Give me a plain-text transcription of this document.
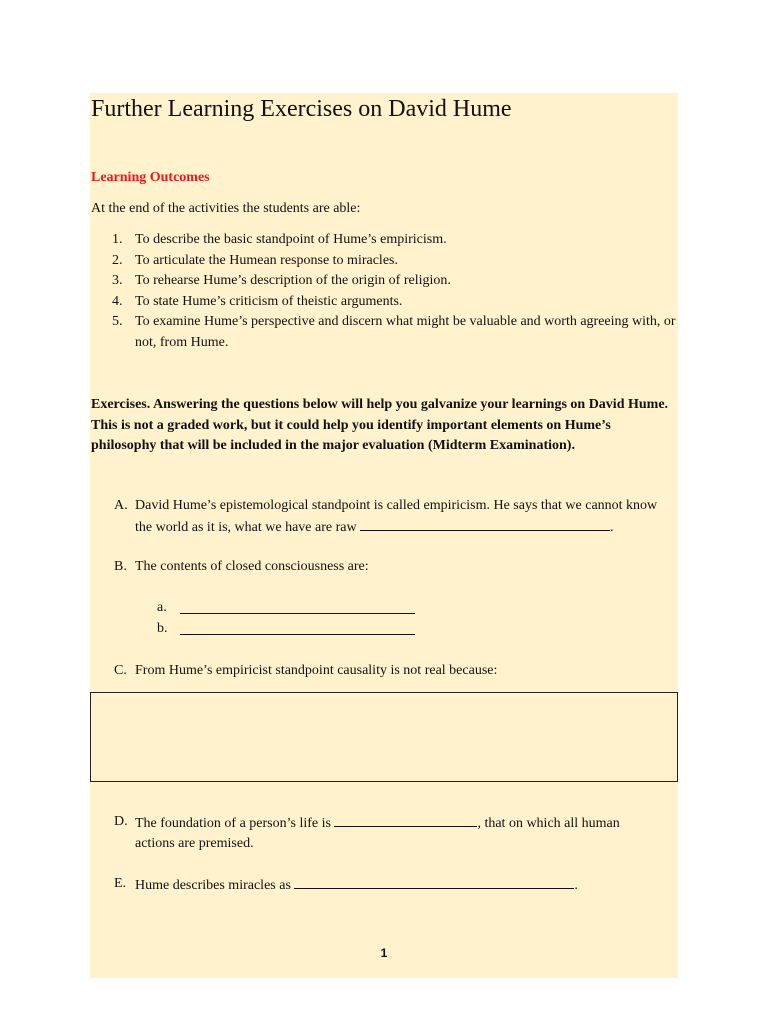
Further Learning Exercises on David Hume
Learning Outcomes
At the end of the activities the students are able:
1. To describe the basic standpoint of Hume’s empiricism.
2. To articulate the Humean response to miracles.
3. To rehearse Hume’s description of the origin of religion.
4. To state Hume’s criticism of theistic arguments.
5. To examine Hume’s perspective and discern what might be valuable and worth agreeing with, or not, from Hume.
Exercises. Answering the questions below will help you galvanize your learnings on David Hume. This is not a graded work, but it could help you identify important elements on Hume’s philosophy that will be included in the major evaluation (Midterm Examination).
A. David Hume’s epistemological standpoint is called empiricism. He says that we cannot know the world as it is, what we have are raw	.
B. The contents of closed consciousness are:
a.
b.
C. From Hume’s empiricist standpoint causality is not real because:
D. The foundation of a person’s life is	, that on which all human actions are premised.
E. Hume describes miracles as	.
1
